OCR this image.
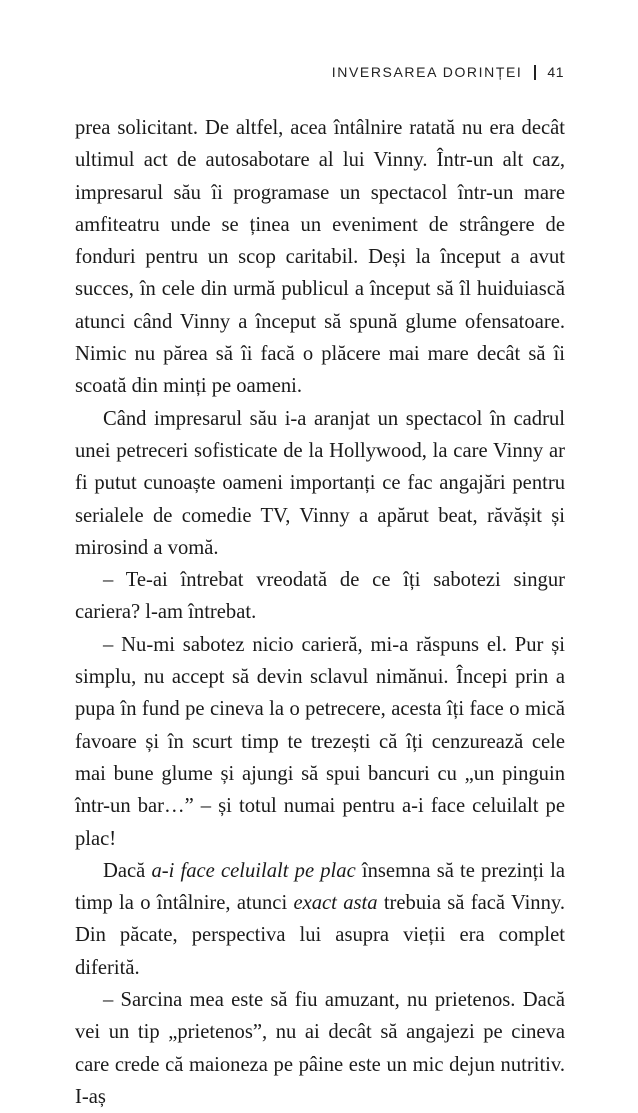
INVERSAREA DORINȚEI 41

prea solicitant. De altfel, acea întâlnire ratată nu era decât ultimul act de autosabotare al lui Vinny. Într-un alt caz, impresarul său îi programase un spectacol într-un mare amfiteatru unde se ținea un eveniment de strângere de fonduri pentru un scop caritabil. Deși la început a avut succes, în cele din urmă publicul a început să îl huiduiască atunci când Vinny a început să spună glume ofensatoare. Nimic nu părea să îi facă o plăcere mai mare decât să îi scoată din minți pe oameni.

Când impresarul său i-a aranjat un spectacol în cadrul unei petreceri sofisticate de la Hollywood, la care Vinny ar fi putut cunoaște oameni importanți ce fac angajări pentru serialele de comedie TV, Vinny a apărut beat, răvășit și mirosind a vomă.

– Te-ai întrebat vreodată de ce îți sabotezi singur cariera? l-am întrebat.

– Nu-mi sabotez nicio carieră, mi-a răspuns el. Pur și simplu, nu accept să devin sclavul nimănui. Începi prin a pupa în fund pe cineva la o petrecere, acesta îți face o mică favoare și în scurt timp te trezești că îți cenzurează cele mai bune glume și ajungi să spui bancuri cu „un pinguin într-un bar…” – și totul numai pentru a-i face celuilalt pe plac!

Dacă a-i face celuilalt pe plac însemna să te prezinți la timp la o întâlnire, atunci exact asta trebuia să facă Vinny. Din păcate, perspectiva lui asupra vieții era complet diferită.

– Sarcina mea este să fiu amuzant, nu prietenos. Dacă vei un tip „prietenos”, nu ai decât să angajezi pe cineva care crede că maioneza pe pâine este un mic dejun nutritiv. I-aș
